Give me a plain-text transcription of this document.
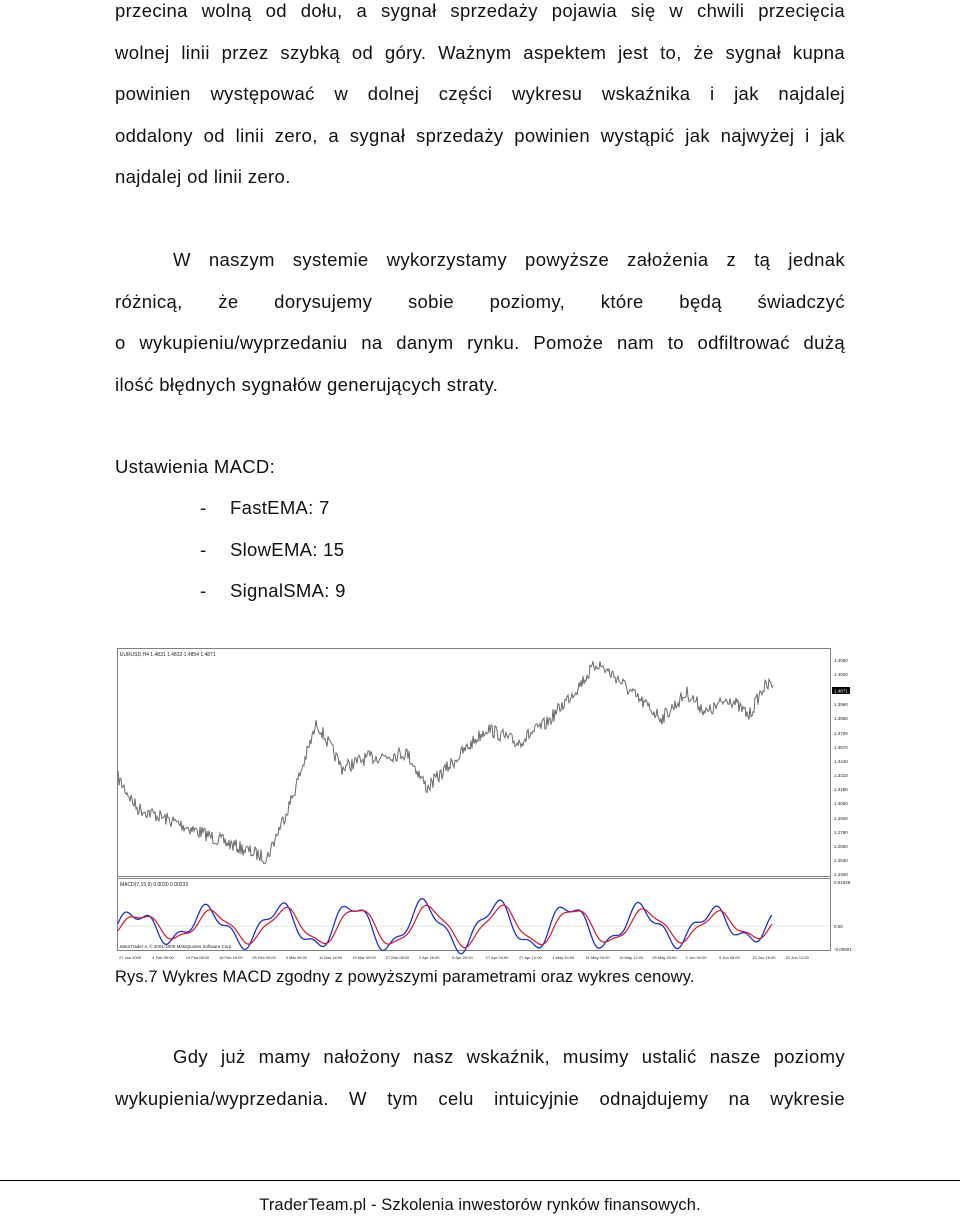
przecina wolną od dołu, a sygnał sprzedaży pojawia się w chwili przecięcia
wolnej linii przez szybką od góry. Ważnym aspektem jest to, że sygnał kupna
powinien występować w dolnej części wykresu wskaźnika i jak najdalej
oddalony od linii zero, a sygnał sprzedaży powinien wystąpić jak najwyżej i jak
najdalej od linii zero.
W naszym systemie wykorzystamy powyższe założenia z tą jednak
różnicą, że dorysujemy sobie poziomy, które będą świadczyć
o wykupieniu/wyprzedaniu na danym rynku. Pomoże nam to odfiltrować dużą
ilość błędnych sygnałów generujących straty.
Ustawienia MACD:
- FastEMA: 7
- SlowEMA: 15
- SignalSMA: 9
EURUSD,H4 1.4831 1.4832 1.4854 1.4871
MACD(7,15,9) 0.0020 0.00233
MetaTrader 4, © 2001-2009 MetaQuotes Software Corp.
1.4050
1.4020
1.4871
1.3960
1.3856
1.3700
1.3570
1.3440
1.3310
1.3180
1.3050
1.2920
1.2790
1.2660
1.2530
1.2400
0.01928
0.00
-0.00601
27 Jan 2009	4 Feb 00:00	10 Feb 08:00 16 Feb 16:00 25 Feb 00:00 3 Mar 08:00	11 Mar 16:00	19 Mar 00:00 27 Mar 08:00 2 Apr 16:00	8 Apr 20:00	17 Apr 04:00	27 Apr 12:00	1 May 20:00	11 May 04:00 19 May 12:00 25 May 20:00 1 Jun 04:00	9 Jun 08:00	15 Jun 16:00	22 Jun 12:00
Rys.7 Wykres MACD zgodny z powyższymi parametrami oraz wykres cenowy.
Gdy już mamy nałożony nasz wskaźnik, musimy ustalić nasze poziomy
wykupienia/wyprzedania. W tym celu intuicyjnie odnajdujemy na wykresie
TraderTeam.pl - Szkolenia inwestorów rynków finansowych.
